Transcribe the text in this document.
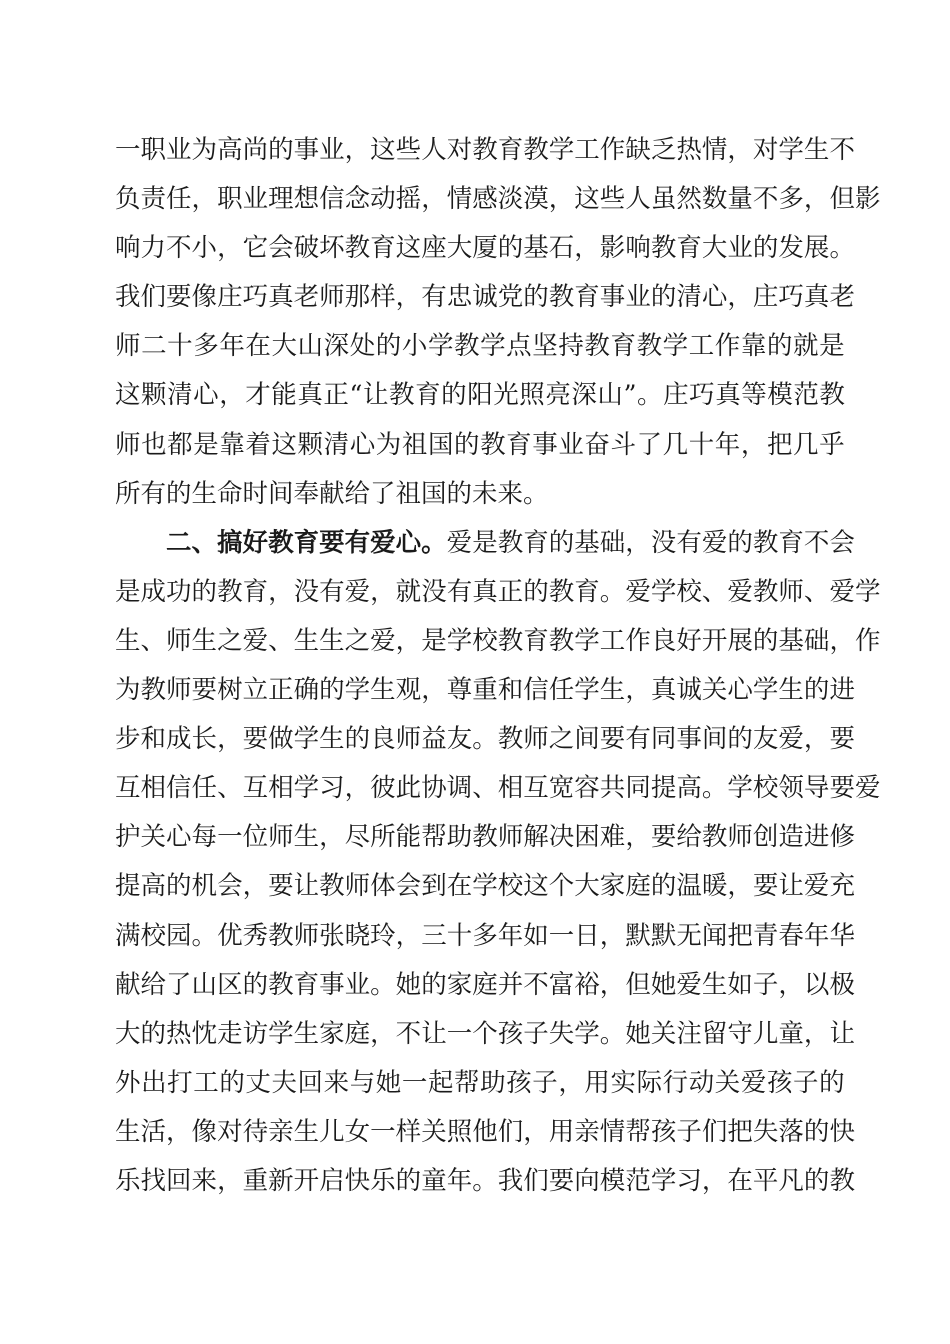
一 职 业 为 高 尚 的 事 业 ， 这 些 人 对 教 育 教 学 工 作 缺 乏 热 情 ， 对 学 生 不
负 责 任 ， 职 业 理 想 信 念 动 摇 ， 情 感 淡 漠 ， 这 些 人 虽 然 数 量 不 多 ， 但 影
响 力 不 小 ， 它 会 破 坏 教 育 这 座 大 厦 的 基 石 ， 影 响 教 育 大 业 的 发 展 。
我 们 要 像 庄 巧 真 老 师 那 样 ， 有 忠 诚 党 的 教 育 事 业 的 清 心 ， 庄 巧 真 老
师 二 十 多 年 在 大 山 深 处 的 小 学 教 学 点 坚 持 教 育 教 学 工 作 靠 的 就 是
这 颗 清 心 ， 才 能 真 正 “ 让 教 育 的 阳 光 照 亮 深 山 ” 。 庄 巧 真 等 模 范 教
师 也 都 是 靠 着 这 颗 清 心 为 祖 国 的 教 育 事 业 奋 斗 了 几 十 年 ， 把 几 乎
所有的生命时间奉献给了祖国的未来。
二 、 搞 好 教 育 要 有 爱 心 。 爱 是 教 育 的 基 础 ， 没 有 爱 的 教 育 不 会
是 成 功 的 教 育 ， 没 有 爱 ， 就 没 有 真 正 的 教 育 。 爱 学 校 、 爱 教 师 、 爱 学
生 、 师 生 之 爱 、 生 生 之 爱 ， 是 学 校 教 育 教 学 工 作 良 好 开 展 的 基 础 ， 作
为 教 师 要 树 立 正 确 的 学 生 观 ， 尊 重 和 信 任 学 生 ， 真 诚 关 心 学 生 的 进
步 和 成 长 ， 要 做 学 生 的 良 师 益 友 。 教 师 之 间 要 有 同 事 间 的 友 爱 ， 要
互 相 信 任 、 互 相 学 习 ， 彼 此 协 调 、 相 互 宽 容 共 同 提 高 。 学 校 领 导 要 爱
护 关 心 每 一 位 师 生 ， 尽 所 能 帮 助 教 师 解 决 困 难 ， 要 给 教 师 创 造 进 修
提 高 的 机 会 ， 要 让 教 师 体 会 到 在 学 校 这 个 大 家 庭 的 温 暖 ， 要 让 爱 充
满 校 园 。 优 秀 教 师 张 晓 玲 ， 三 十 多 年 如 一 日 ， 默 默 无 闻 把 青 春 年 华
献 给 了 山 区 的 教 育 事 业 。 她 的 家 庭 并 不 富 裕 ， 但 她 爱 生 如 子 ， 以 极
大 的 热 忱 走 访 学 生 家 庭 ， 不 让 一 个 孩 子 失 学 。 她 关 注 留 守 儿 童 ， 让
外 出 打 工 的 丈 夫 回 来 与 她 一 起 帮 助 孩 子 ， 用 实 际 行 动 关 爱 孩 子 的
生 活 ， 像 对 待 亲 生 儿 女 一 样 关 照 他 们 ， 用 亲 情 帮 孩 子 们 把 失 落 的 快
乐 找 回 来 ， 重 新 开 启 快 乐 的 童 年 。 我 们 要 向 模 范 学 习 ， 在 平 凡 的 教
